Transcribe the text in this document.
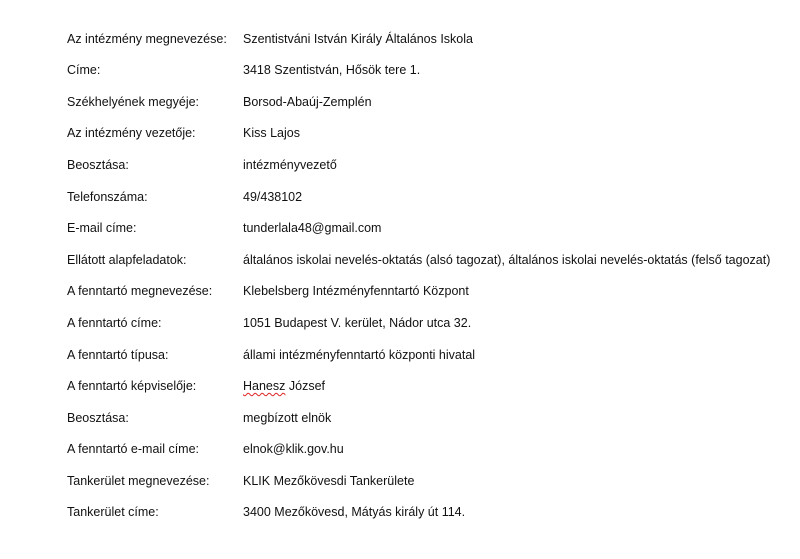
Az intézmény megnevezése: Szentistváni István Király Általános Iskola
Címe:	3418 Szentistván, Hősök tere 1.
Székhelyének megyéje:	Borsod-Abaúj-Zemplén
Az intézmény vezetője:	Kiss Lajos
Beosztása:	intézményvezető
Telefonszáma:	49/438102
E-mail címe:	tunderlala48@gmail.com
Ellátott alapfeladatok:	általános iskolai nevelés-oktatás (alsó tagozat), általános iskolai nevelés-oktatás (felső tagozat)
A fenntartó megnevezése: Klebelsberg Intézményfenntartó Központ
A fenntartó címe:	1051 Budapest V. kerület, Nádor utca 32.
A fenntartó típusa:	állami intézményfenntartó központi hivatal
A fenntartó képviselője:	Hanesz József
Beosztása:	megbízott elnök
A fenntartó e-mail címe:	elnok@klik.gov.hu
Tankerület megnevezése:	KLIK Mezőkövesdi Tankerülete
Tankerület címe:	3400 Mezőkövesd, Mátyás király út 114.
